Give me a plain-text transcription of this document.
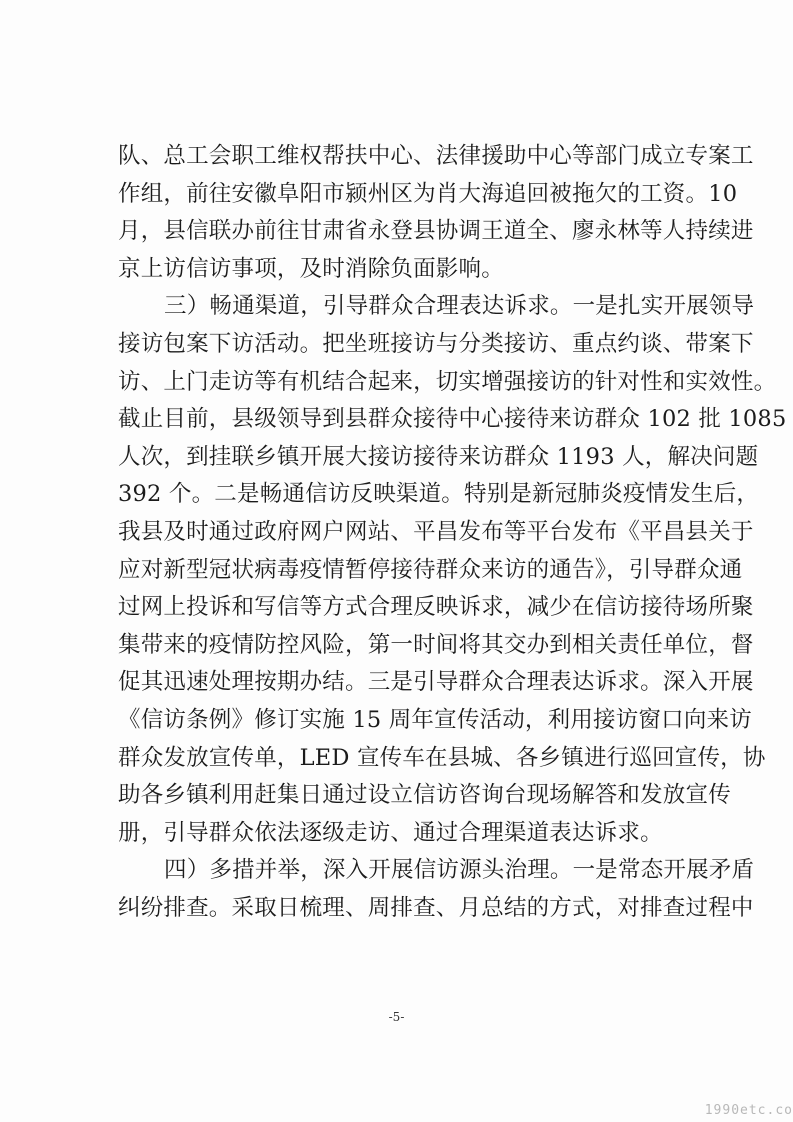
队、总工会职工维权帮扶中心、法律援助中心等部门成立专案工
作组，前往安徽阜阳市颍州区为肖大海追回被拖欠的工资。10
月，县信联办前往甘肃省永登县协调王道全、廖永林等人持续进
京上访信访事项，及时消除负面影响。
三）畅通渠道，引导群众合理表达诉求。一是扎实开展领导
接访包案下访活动。把坐班接访与分类接访、重点约谈、带案下
访、上门走访等有机结合起来，切实增强接访的针对性和实效性。
截止目前，县级领导到县群众接待中心接待来访群众 102 批 1085
人次，到挂联乡镇开展大接访接待来访群众 1193 人，解决问题
392 个。二是畅通信访反映渠道。特别是新冠肺炎疫情发生后，
我县及时通过政府网户网站、平昌发布等平台发布《平昌县关于
应对新型冠状病毒疫情暂停接待群众来访的通告》，引导群众通
过网上投诉和写信等方式合理反映诉求，减少在信访接待场所聚
集带来的疫情防控风险，第一时间将其交办到相关责任单位，督
促其迅速处理按期办结。三是引导群众合理表达诉求。深入开展
《信访条例》修订实施 15 周年宣传活动，利用接访窗口向来访
群众发放宣传单，LED 宣传车在县城、各乡镇进行巡回宣传，协
助各乡镇利用赶集日通过设立信访咨询台现场解答和发放宣传
册，引导群众依法逐级走访、通过合理渠道表达诉求。
四）多措并举，深入开展信访源头治理。一是常态开展矛盾
纠纷排查。采取日梳理、周排查、月总结的方式，对排查过程中
-5-
1990etc.co
